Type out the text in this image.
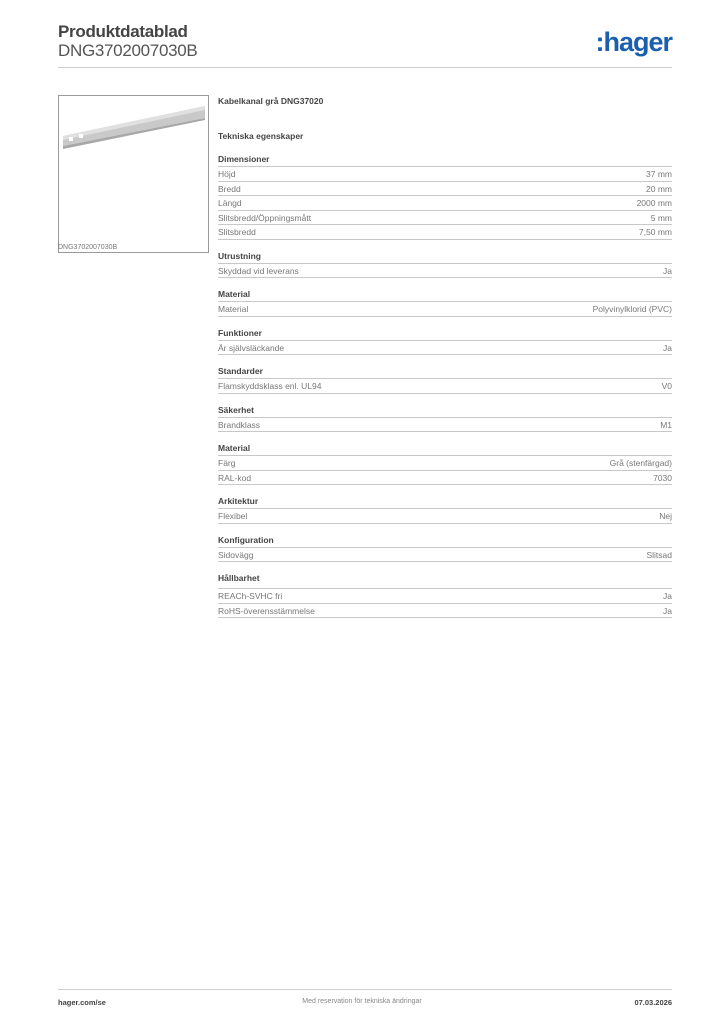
Produktdatablad
DNG3702007030B	:hager
DNG3702007030B
Kabelkanal grå DNG37020
Tekniska egenskaper
Dimensioner
Höjd	37 mm
Bredd	20 mm
Längd	2000 mm
Slitsbredd/Öppningsmått	5 mm
Slitsbredd	7,50 mm
Utrustning
Skyddad vid leverans	Ja
Material
Material	Polyvinylklorid (PVC)
Funktioner
Är självsläckande	Ja
Standarder
Flamskyddsklass enl. UL94	V0
Säkerhet
Brandklass	M1
Material
Färg	Grå (stenfärgad)
RAL-kod	7030
Arkitektur
Flexibel	Nej
Konfiguration
Sidovägg	Slitsad
Hållbarhet
REACh-SVHC fri	Ja
RoHS-överensstämmelse	Ja
hager.com/se	Med reservation för tekniska ändringar	07.03.2026
